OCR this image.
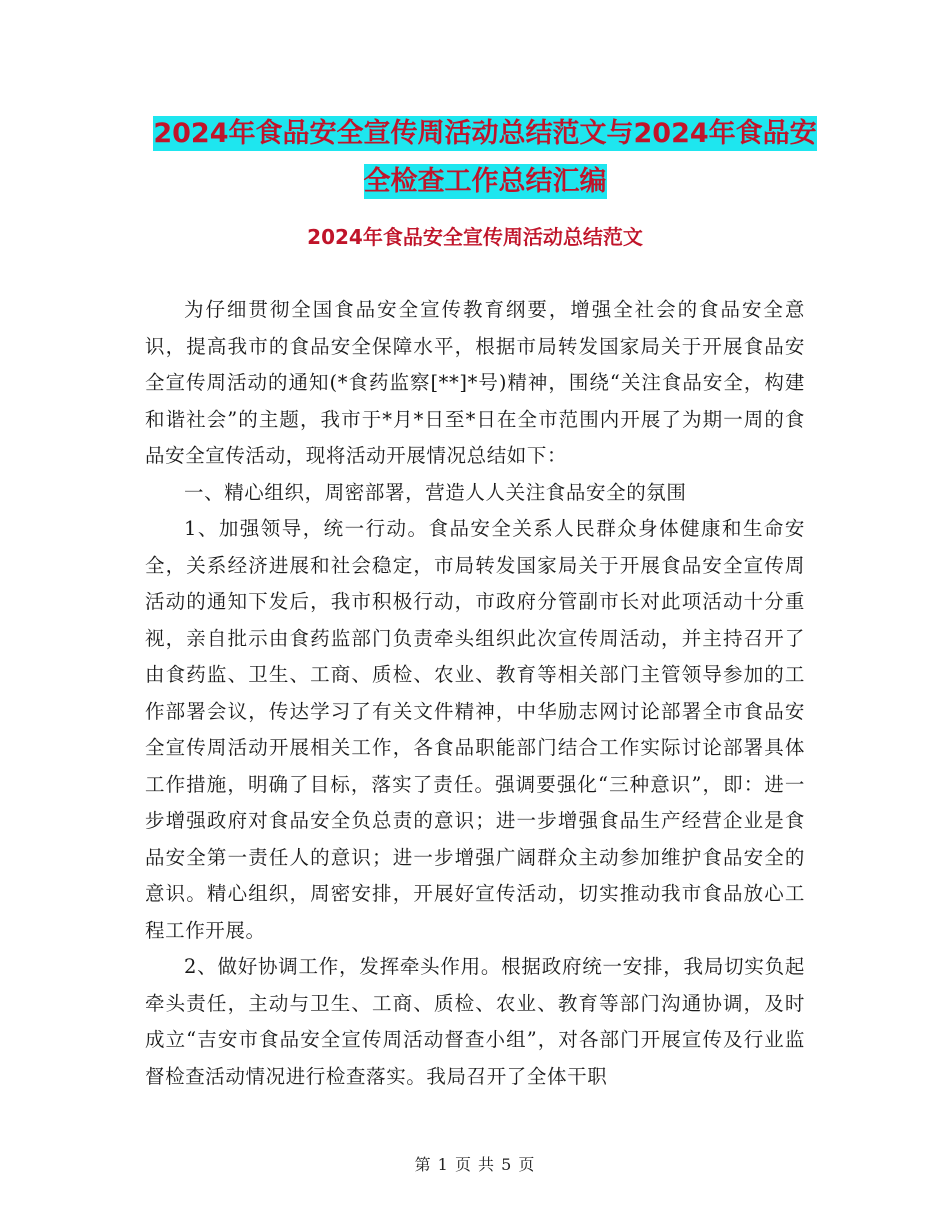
2024年食品安全宣传周活动总结范文与2024年食品安
全检查工作总结汇编
2024年食品安全宣传周活动总结范文

为仔细贯彻全国食品安全宣传教育纲要，增强全社会的食品安全意识，提高我市的食品安全保障水平，根据市局转发国家局关于开展食品安全宣传周活动的通知(*食药监察[**]*号)精神，围绕“关注食品安全，构建和谐社会”的主题，我市于*月*日至*日在全市范围内开展了为期一周的食品安全宣传活动，现将活动开展情况总结如下：

一、精心组织，周密部署，营造人人关注食品安全的氛围

1、加强领导，统一行动。食品安全关系人民群众身体健康和生命安全，关系经济进展和社会稳定，市局转发国家局关于开展食品安全宣传周活动的通知下发后，我市积极行动，市政府分管副市长对此项活动十分重视，亲自批示由食药监部门负责牵头组织此次宣传周活动，并主持召开了由食药监、卫生、工商、质检、农业、教育等相关部门主管领导参加的工作部署会议，传达学习了有关文件精神，中华励志网讨论部署全市食品安全宣传周活动开展相关工作，各食品职能部门结合工作实际讨论部署具体工作措施，明确了目标，落实了责任。强调要强化“三种意识”，即：进一步增强政府对食品安全负总责的意识；进一步增强食品生产经营企业是食品安全第一责任人的意识；进一步增强广阔群众主动参加维护食品安全的意识。精心组织，周密安排，开展好宣传活动，切实推动我市食品放心工程工作开展。

2、做好协调工作，发挥牵头作用。根据政府统一安排，我局切实负起牵头责任，主动与卫生、工商、质检、农业、教育等部门沟通协调，及时成立“吉安市食品安全宣传周活动督查小组”，对各部门开展宣传及行业监督检查活动情况进行检查落实。我局召开了全体干职

第 1 页 共 5 页
